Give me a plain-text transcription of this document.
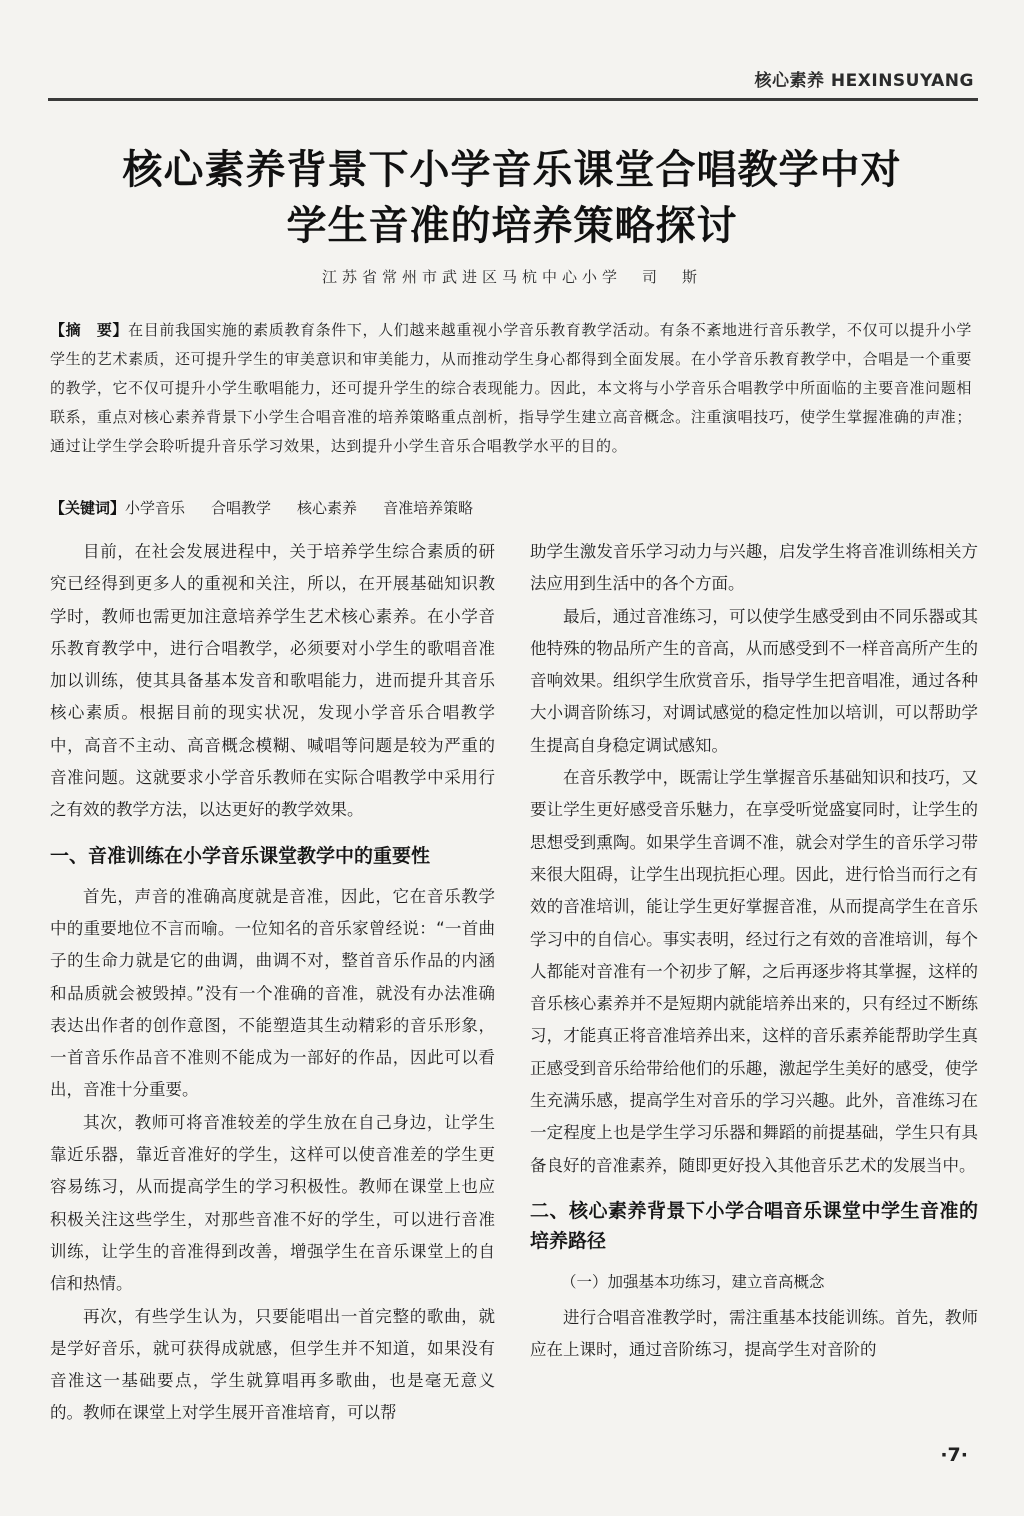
核心素养 HEXINSUYANG
核心素养背景下小学音乐课堂合唱教学中对
学生音准的培养策略探讨
江苏省常州市武进区马杭中心小学　司　斯
【摘　要】在目前我国实施的素质教育条件下，人们越来越重视小学音乐教育教学活动。有条不紊地进行音乐教学，不仅可以提升小学学生的艺术素质，还可提升学生的审美意识和审美能力，从而推动学生身心都得到全面发展。在小学音乐教育教学中，合唱是一个重要的教学，它不仅可提升小学生歌唱能力，还可提升学生的综合表现能力。因此，本文将与小学音乐合唱教学中所面临的主要音准问题相联系，重点对核心素养背景下小学生合唱音准的培养策略重点剖析，指导学生建立高音概念。注重演唱技巧，使学生掌握准确的声准；通过让学生学会聆听提升音乐学习效果，达到提升小学生音乐合唱教学水平的目的。
【关键词】小学音乐 合唱教学 核心素养 音准培养策略

目前，在社会发展进程中，关于培养学生综合素质的研究已经得到更多人的重视和关注，所以，在开展基础知识教学时，教师也需更加注意培养学生艺术核心素养。在小学音乐教育教学中，进行合唱教学，必须要对小学生的歌唱音准加以训练，使其具备基本发音和歌唱能力，进而提升其音乐核心素质。根据目前的现实状况，发现小学音乐合唱教学中，高音不主动、高音概念模糊、喊唱等问题是较为严重的音准问题。这就要求小学音乐教师在实际合唱教学中采用行之有效的教学方法，以达更好的教学效果。

一、音准训练在小学音乐课堂教学中的重要性

首先，声音的准确高度就是音准，因此，它在音乐教学中的重要地位不言而喻。一位知名的音乐家曾经说：“一首曲子的生命力就是它的曲调，曲调不对，整首音乐作品的内涵和品质就会被毁掉。”没有一个准确的音准，就没有办法准确表达出作者的创作意图，不能塑造其生动精彩的音乐形象，一首音乐作品音不准则不能成为一部好的作品，因此可以看出，音准十分重要。

其次，教师可将音准较差的学生放在自己身边，让学生靠近乐器，靠近音准好的学生，这样可以使音准差的学生更容易练习，从而提高学生的学习积极性。教师在课堂上也应积极关注这些学生，对那些音准不好的学生，可以进行音准训练，让学生的音准得到改善，增强学生在音乐课堂上的自信和热情。

再次，有些学生认为，只要能唱出一首完整的歌曲，就是学好音乐，就可获得成就感，但学生并不知道，如果没有音准这一基础要点，学生就算唱再多歌曲，也是毫无意义的。教师在课堂上对学生展开音准培育，可以帮

助学生激发音乐学习动力与兴趣，启发学生将音准训练相关方法应用到生活中的各个方面。

最后，通过音准练习，可以使学生感受到由不同乐器或其他特殊的物品所产生的音高，从而感受到不一样音高所产生的音响效果。组织学生欣赏音乐，指导学生把音唱准，通过各种大小调音阶练习，对调试感觉的稳定性加以培训，可以帮助学生提高自身稳定调试感知。

在音乐教学中，既需让学生掌握音乐基础知识和技巧，又要让学生更好感受音乐魅力，在享受听觉盛宴同时，让学生的思想受到熏陶。如果学生音调不准，就会对学生的音乐学习带来很大阻碍，让学生出现抗拒心理。因此，进行恰当而行之有效的音准培训，能让学生更好掌握音准，从而提高学生在音乐学习中的自信心。事实表明，经过行之有效的音准培训，每个人都能对音准有一个初步了解，之后再逐步将其掌握，这样的音乐核心素养并不是短期内就能培养出来的，只有经过不断练习，才能真正将音准培养出来，这样的音乐素养能帮助学生真正感受到音乐给带给他们的乐趣，激起学生美好的感受，使学生充满乐感，提高学生对音乐的学习兴趣。此外，音准练习在一定程度上也是学生学习乐器和舞蹈的前提基础，学生只有具备良好的音准素养，随即更好投入其他音乐艺术的发展当中。

二、核心素养背景下小学合唱音乐课堂中学生音准的培养路径
（一）加强基本功练习，建立音高概念

进行合唱音准教学时，需注重基本技能训练。首先，教师应在上课时，通过音阶练习，提高学生对音阶的

·7·
